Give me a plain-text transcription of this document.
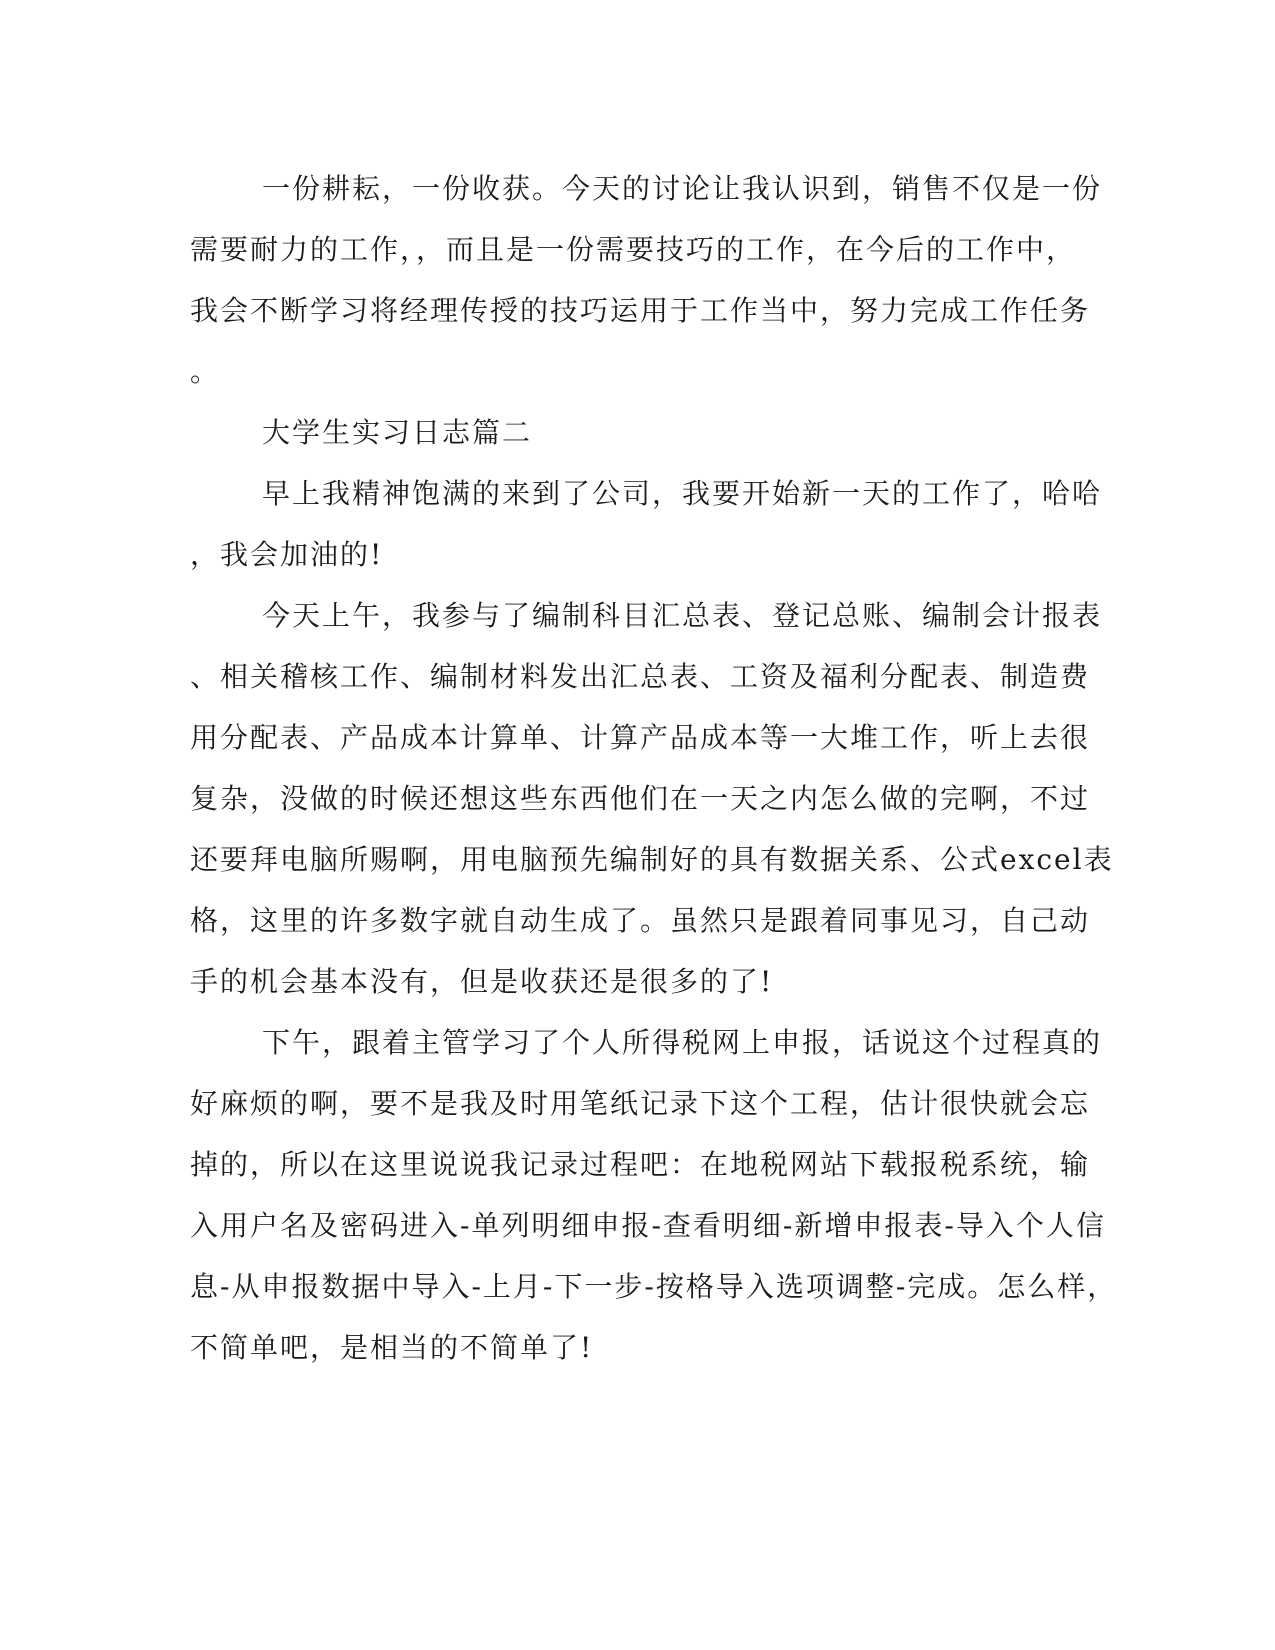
一份耕耘，一份收获。今天的讨论让我认识到，销售不仅是一份
需要耐力的工作，，而且是一份需要技巧的工作，在今后的工作中，
我会不断学习将经理传授的技巧运用于工作当中，努力完成工作任务
。
大学生实习日志篇二
早上我精神饱满的来到了公司，我要开始新一天的工作了，哈哈
，我会加油的!
今天上午，我参与了编制科目汇总表、登记总账、编制会计报表
、相关稽核工作、编制材料发出汇总表、工资及福利分配表、制造费
用分配表、产品成本计算单、计算产品成本等一大堆工作，听上去很
复杂，没做的时候还想这些东西他们在一天之内怎么做的完啊，不过
还要拜电脑所赐啊，用电脑预先编制好的具有数据关系、公式excel表
格，这里的许多数字就自动生成了。虽然只是跟着同事见习，自己动
手的机会基本没有，但是收获还是很多的了!
下午，跟着主管学习了个人所得税网上申报，话说这个过程真的
好麻烦的啊，要不是我及时用笔纸记录下这个工程，估计很快就会忘
掉的，所以在这里说说我记录过程吧：在地税网站下载报税系统，输
入用户名及密码进入-单列明细申报-查看明细-新增申报表-导入个人信
息-从申报数据中导入-上月-下一步-按格导入选项调整-完成。怎么样，
不简单吧，是相当的不简单了!
